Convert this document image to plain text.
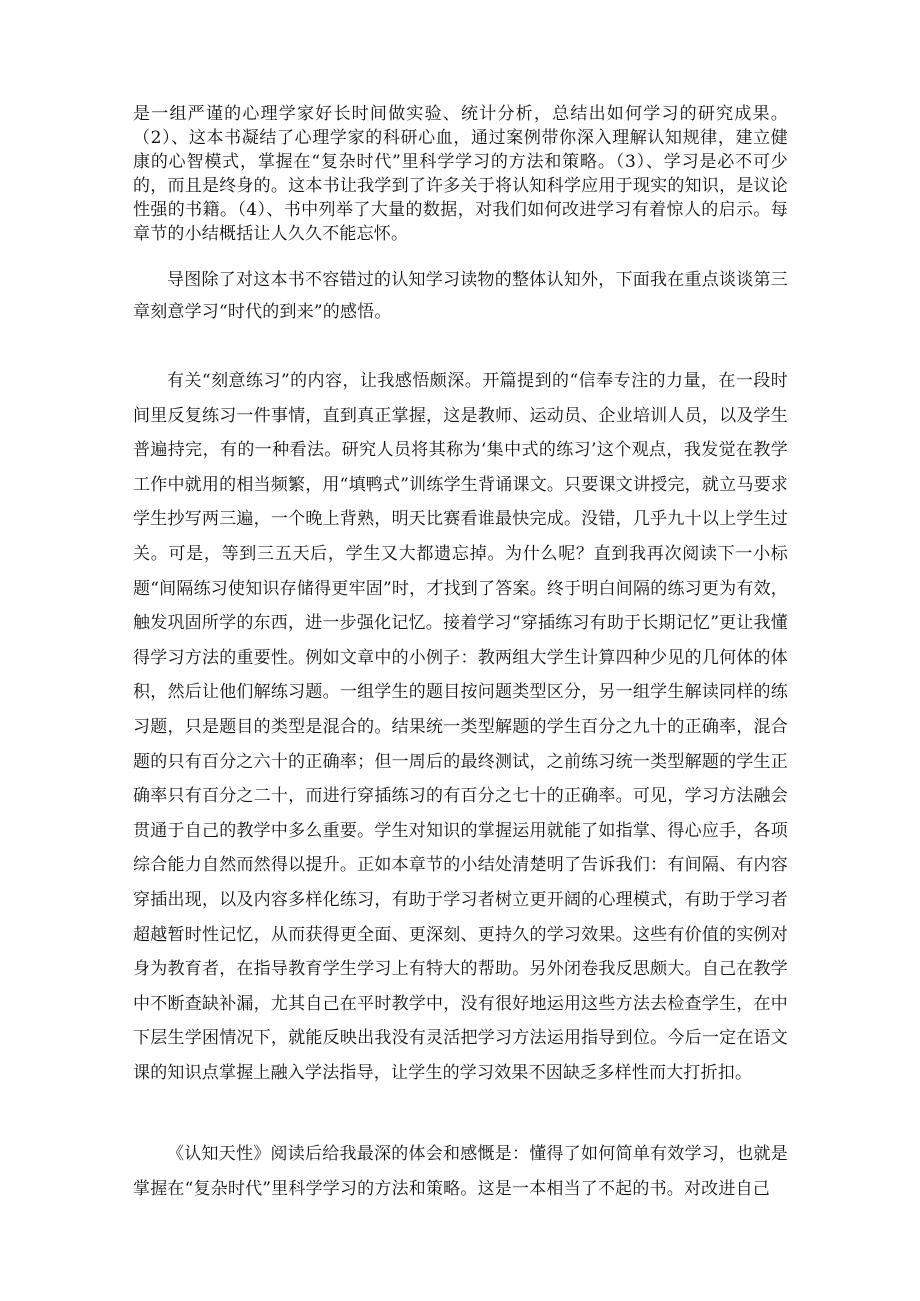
是一组严谨的心理学家好长时间做实验、统计分析，总结出如何学习的研究成果。（2）、这本书凝结了心理学家的科研心血，通过案例带你深入理解认知规律，建立健康的心智模式，掌握在“复杂时代”里科学学习的方法和策略。（3）、学习是必不可少的，而且是终身的。这本书让我学到了许多关于将认知科学应用于现实的知识，是议论性强的书籍。（4）、书中列举了大量的数据，对我们如何改进学习有着惊人的启示。每章节的小结概括让人久久不能忘怀。

导图除了对这本书不容错过的认知学习读物的整体认知外，下面我在重点谈谈第三章刻意学习“时代的到来”的感悟。

有关“刻意练习”的内容，让我感悟颇深。开篇提到的“信奉专注的力量，在一段时间里反复练习一件事情，直到真正掌握，这是教师、运动员、企业培训人员，以及学生普遍持完，有的一种看法。研究人员将其称为‘集中式的练习’这个观点，我发觉在教学工作中就用的相当频繁，用“填鸭式”训练学生背诵课文。只要课文讲授完，就立马要求学生抄写两三遍，一个晚上背熟，明天比赛看谁最快完成。没错，几乎九十以上学生过关。可是，等到三五天后，学生又大都遗忘掉。为什么呢？直到我再次阅读下一小标题“间隔练习使知识存储得更牢固”时，才找到了答案。终于明白间隔的练习更为有效，触发巩固所学的东西，进一步强化记忆。接着学习“穿插练习有助于长期记忆”更让我懂得学习方法的重要性。例如文章中的小例子：教两组大学生计算四种少见的几何体的体积，然后让他们解练习题。一组学生的题目按问题类型区分，另一组学生解读同样的练习题，只是题目的类型是混合的。结果统一类型解题的学生百分之九十的正确率，混合题的只有百分之六十的正确率；但一周后的最终测试，之前练习统一类型解题的学生正确率只有百分之二十，而进行穿插练习的有百分之七十的正确率。可见，学习方法融会贯通于自己的教学中多么重要。学生对知识的掌握运用就能了如指掌、得心应手，各项综合能力自然而然得以提升。正如本章节的小结处清楚明了告诉我们：有间隔、有内容穿插出现，以及内容多样化练习，有助于学习者树立更开阔的心理模式，有助于学习者超越暂时性记忆，从而获得更全面、更深刻、更持久的学习效果。这些有价值的实例对身为教育者，在指导教育学生学习上有特大的帮助。另外闭卷我反思颇大。自己在教学中不断查缺补漏，尤其自己在平时教学中，没有很好地运用这些方法去检查学生，在中下层生学困情况下，就能反映出我没有灵活把学习方法运用指导到位。今后一定在语文课的知识点掌握上融入学法指导，让学生的学习效果不因缺乏多样性而大打折扣。

《认知天性》阅读后给我最深的体会和感慨是：懂得了如何简单有效学习，也就是掌握在“复杂时代”里科学学习的方法和策略。这是一本相当了不起的书。对改进自己
